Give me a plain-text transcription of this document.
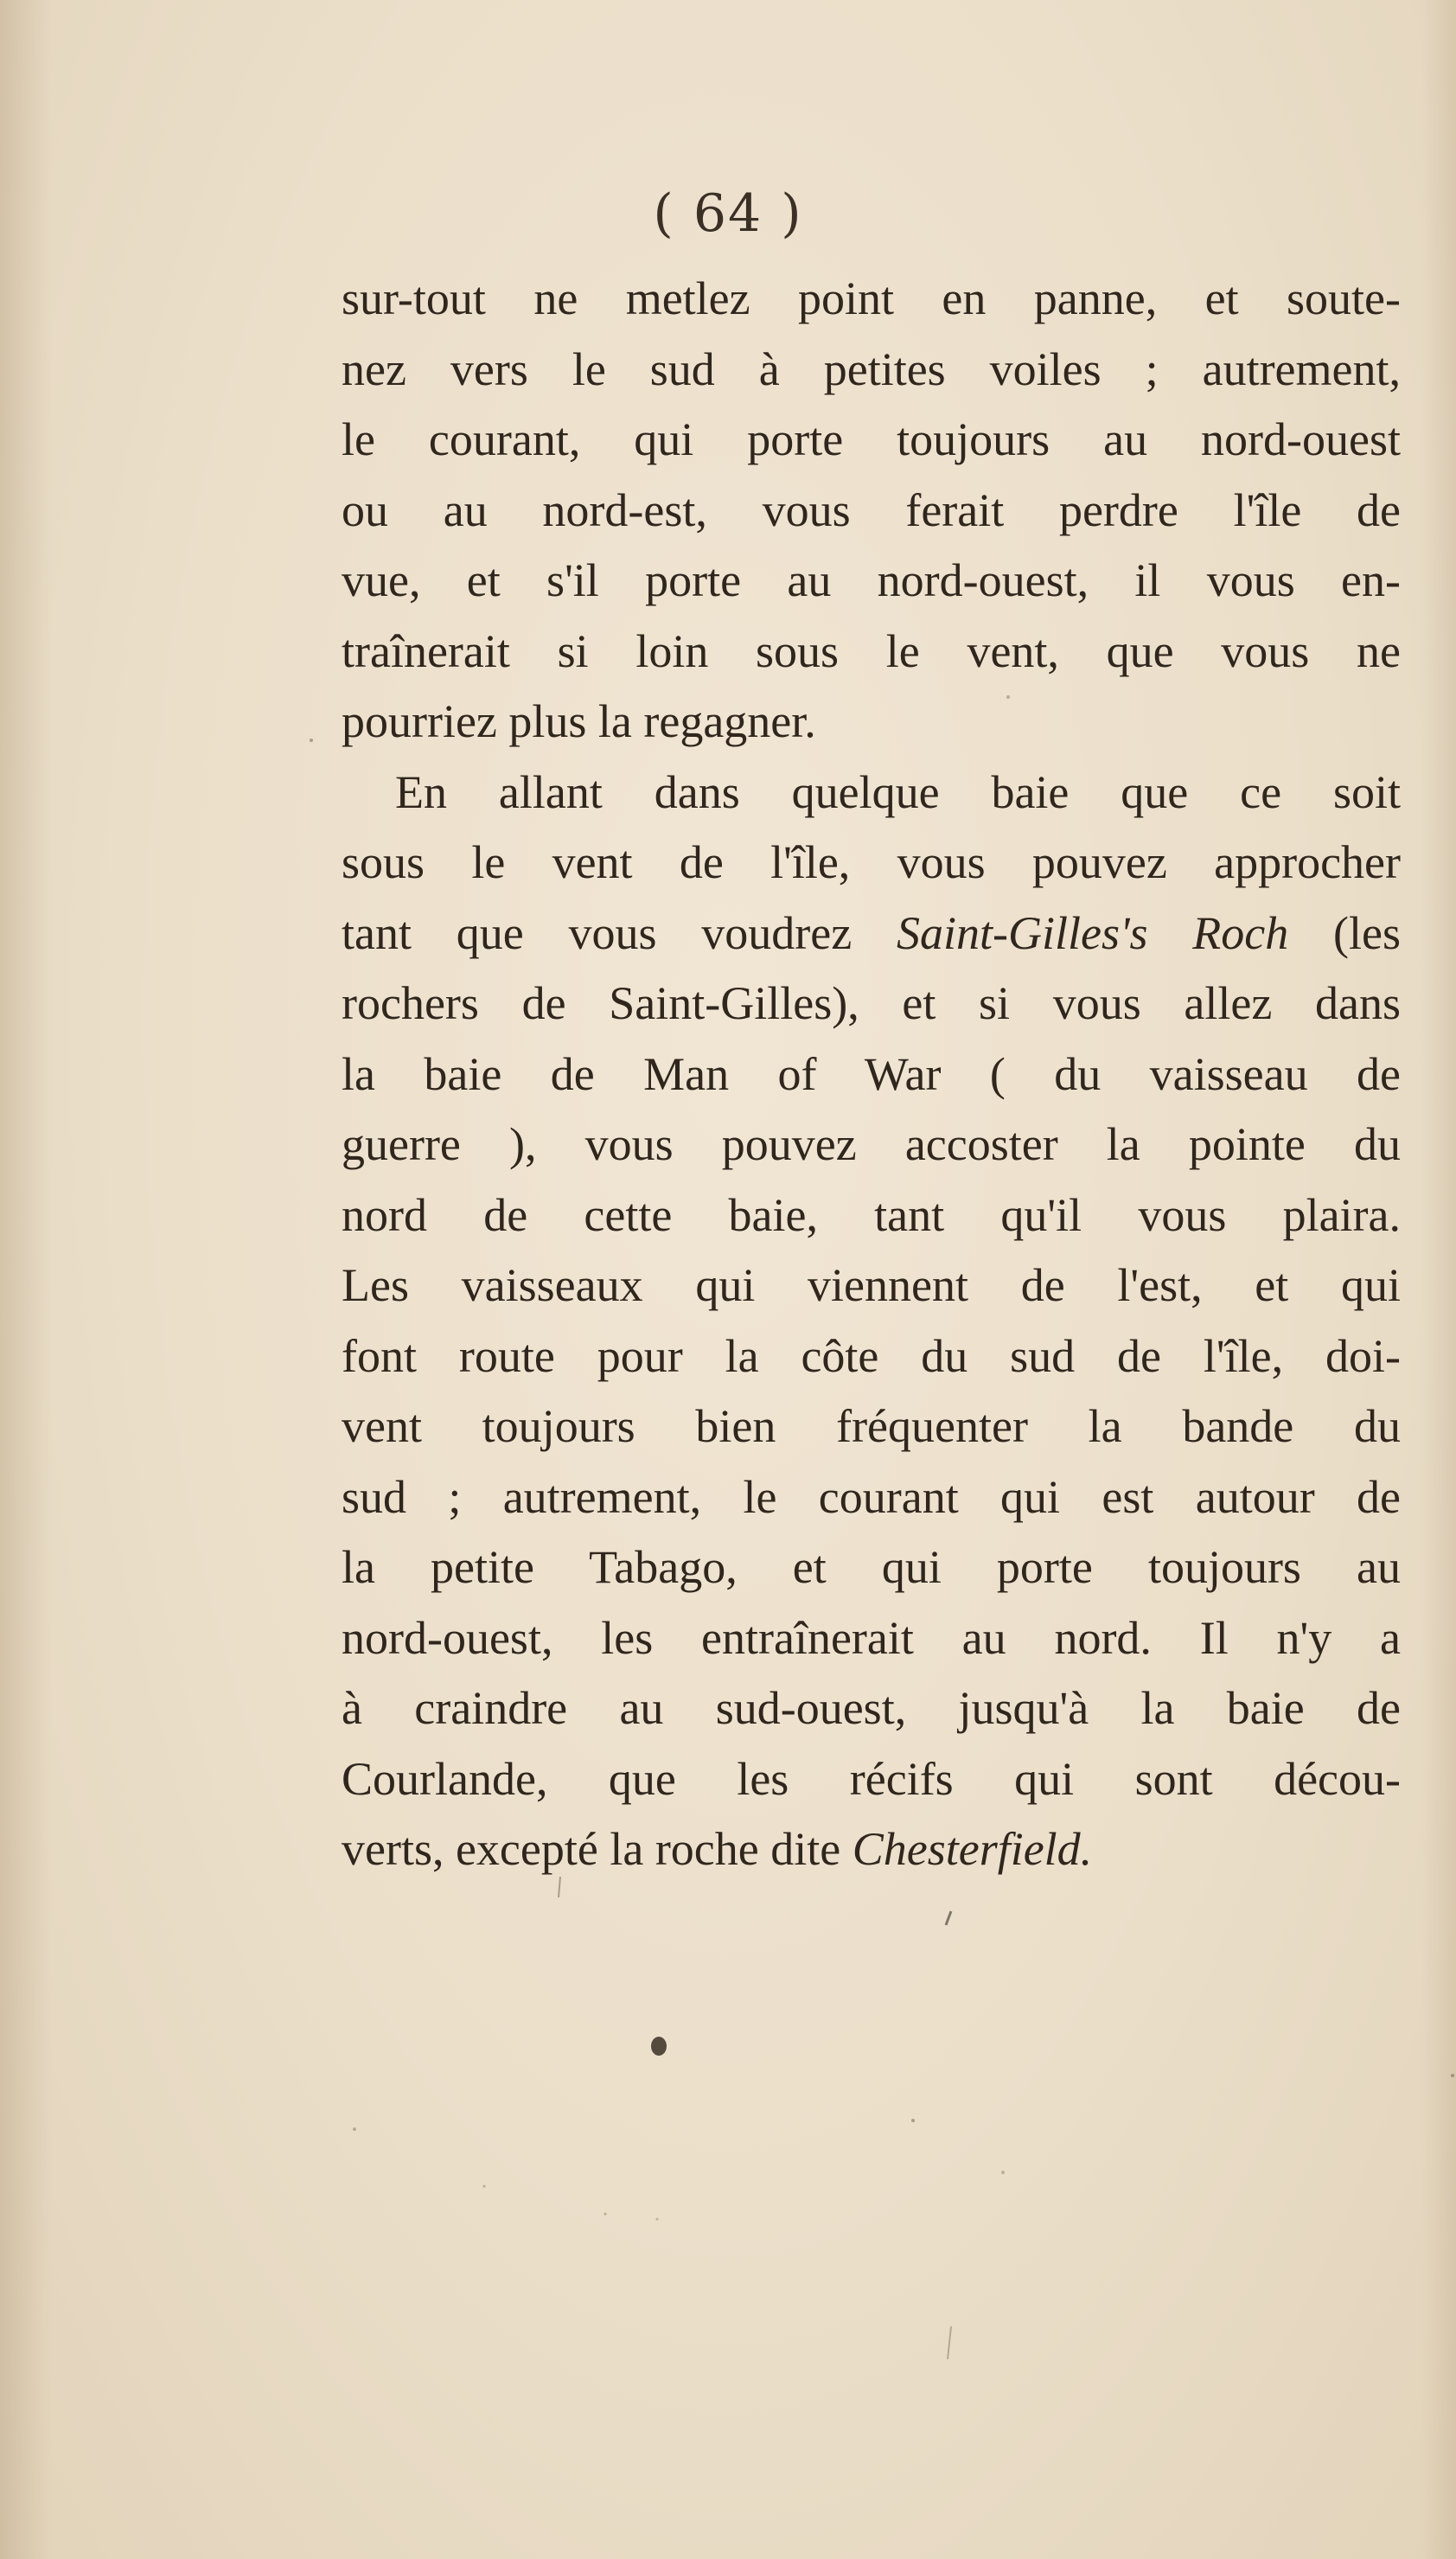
( 64 )
sur-tout ne metlez point en panne, et soute-
nez vers le sud à petites voiles ; autrement,
le courant, qui porte toujours au nord-ouest
ou au nord-est, vous ferait perdre l'île de
vue, et s'il porte au nord-ouest, il vous en-
traînerait si loin sous le vent, que vous ne
pourriez plus la regagner.
En allant dans quelque baie que ce soit
sous le vent de l'île, vous pouvez approcher
tant que vous voudrez Saint-Gilles's Roch (les
rochers de Saint-Gilles), et si vous allez dans
la baie de Man of War ( du vaisseau de
guerre ), vous pouvez accoster la pointe du
nord de cette baie, tant qu'il vous plaira.
Les vaisseaux qui viennent de l'est, et qui
font route pour la côte du sud de l'île, doi-
vent toujours bien fréquenter la bande du
sud ; autrement, le courant qui est autour de
la petite Tabago, et qui porte toujours au
nord-ouest, les entraînerait au nord. Il n'y a
à craindre au sud-ouest, jusqu'à la baie de
Courlande, que les récifs qui sont décou-
verts, excepté la roche dite Chesterfield.
